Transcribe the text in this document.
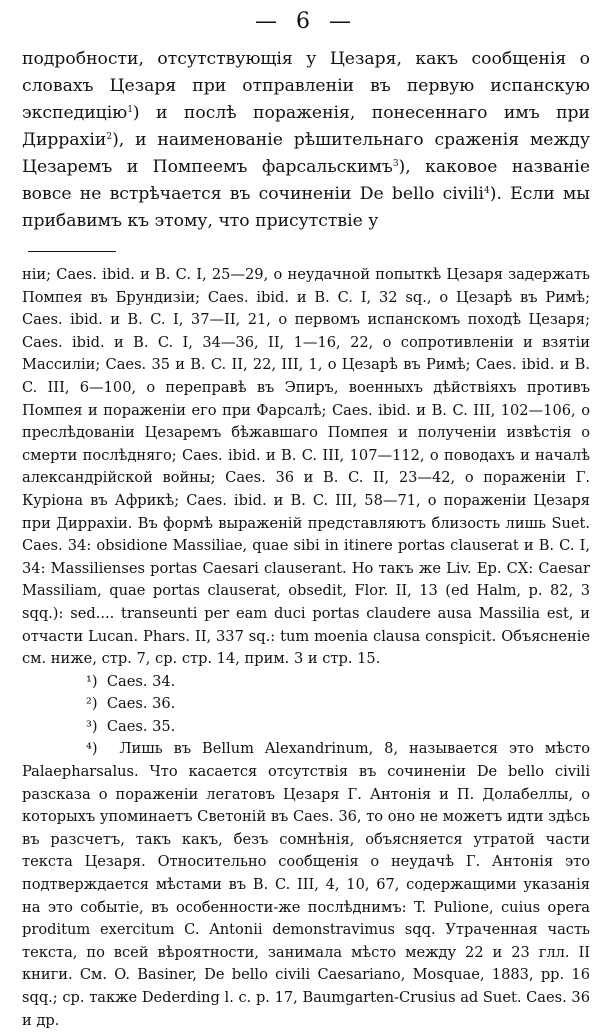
— 6 —

подробности, отсутствующія у Цезаря, какъ сообщенія о словахъ Цезаря при отправленіи въ первую испанскую экспедицію$^1$) и послѣ пораженія, понесеннаго имъ при Диррахіи$^2$), и наименованіе рѣшительнаго сраженія между Цезаремъ и Помпеемъ фарсальскимъ$^3$), каковое названіе вовсе не встрѣчается въ сочиненіи De bello civili$^4$). Если мы прибавимъ къ этому, что присутствіе у

ніи; Caes. ibid. и B. C. I, 25—29, о неудачной попыткѣ Цезаря задержать Помпея въ Брундизіи; Caes. ibid. и B. C. I, 32 sq., о Цезарѣ въ Римѣ; Caes. ibid. и B. C. I, 37—II, 21, о первомъ испанскомъ походѣ Цезаря; Caes. ibid. и B. C. I, 34—36, II, 1—16, 22, о сопротивленіи и взятіи Массиліи; Caes. 35 и B. C. II, 22, III, 1, о Цезарѣ въ Римѣ; Caes. ibid. и B. C. III, 6—100, о переправѣ въ Эпиръ, военныхъ дѣйствіяхъ противъ Помпея и пораженіи его при Фарсалѣ; Caes. ibid. и B. C. III, 102—106, о преслѣдованіи Цезаремъ бѣжавшаго Помпея и полученіи извѣстія о смерти послѣдняго; Caes. ibid. и B. C. III, 107—112, о поводахъ и началѣ александрійской войны; Caes. 36 и B. C. II, 23—42, о пораженіи Г. Куріона въ Африкѣ; Caes. ibid. и B. C. III, 58—71, о пораженіи Цезаря при Диррахіи. Въ формѣ выраженій представляютъ близость лишь Suet. Caes. 34: obsidione Massiliae, quae sibi in itinere portas clauserat и B. C. I, 34: Massilienses portas Caesari clauserant. Но такъ же Liv. Ep. CX: Caesar Massiliam, quae portas clauserat, obsedit, Flor. II, 13 (ed Halm, p. 82, 3 sqq.): sed.... transeunti per eam duci portas claudere ausa Massilia est, и отчасти Lucan. Phars. II, 337 sq.: tum moenia clausa conspicit. Объясненіе см. ниже, стр. 7, ср. стр. 14, прим. 3 и стр. 15.

¹) Caes. 34.

²) Caes. 36.

³) Caes. 35.

⁴) Лишь въ Bellum Alexandrinum, 8, называется это мѣсто Palaepharsalus. Что касается отсутствія въ сочиненіи De bello civili разсказа о пораженіи легатовъ Цезаря Г. Антонія и П. Долабеллы, о которыхъ упоминаетъ Светоній въ Caes. 36, то оно не можетъ идти здѣсь въ разсчетъ, такъ какъ, безъ сомнѣнія, объясняется утратой части текста Цезаря. Относительно сообщенія о неудачѣ Г. Антонія это подтверждается мѣстами въ B. C. III, 4, 10, 67, содержащими указанія на это событіе, въ особенности-же послѣднимъ: T. Pulione, cuius opera proditum exercitum C. Antonii demonstravimus sqq. Утраченная часть текста, по всей вѣроятности, занимала мѣсто между 22 и 23 глл. II книги. См. O. Basiner, De bello civili Caesariano, Mosquae, 1883, pp. 16 sqq.; ср. также Dederding l. c. p. 17, Baumgarten-Crusius ad Suet. Caes. 36 и др.
